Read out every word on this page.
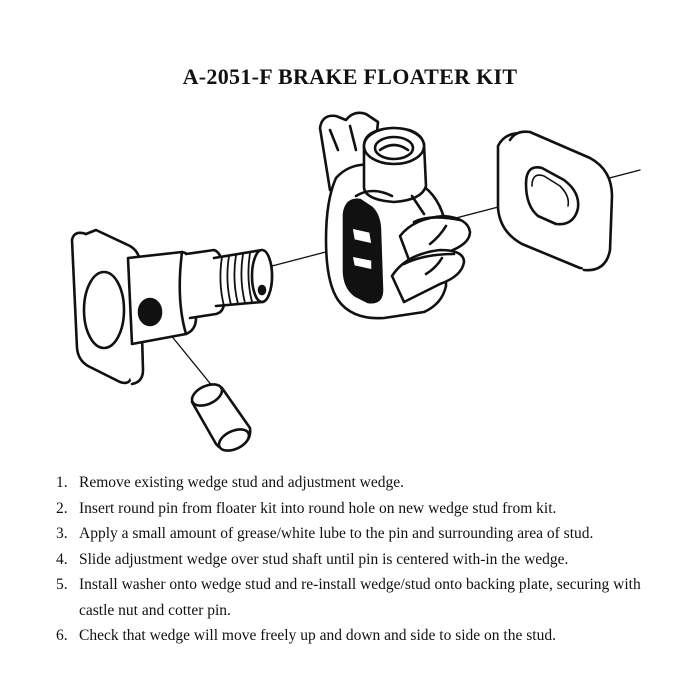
A-2051-F BRAKE FLOATER KIT
1. Remove existing wedge stud and adjustment wedge.
2. Insert round pin from floater kit into round hole on new wedge stud from kit.
3. Apply a small amount of grease/white lube to the pin and surrounding area of stud.
4. Slide adjustment wedge over stud shaft until pin is centered with-in the wedge.
5. Install washer onto wedge stud and re-install wedge/stud onto backing plate, securing with castle nut and cotter pin.
6. Check that wedge will move freely up and down and side to side on the stud.
